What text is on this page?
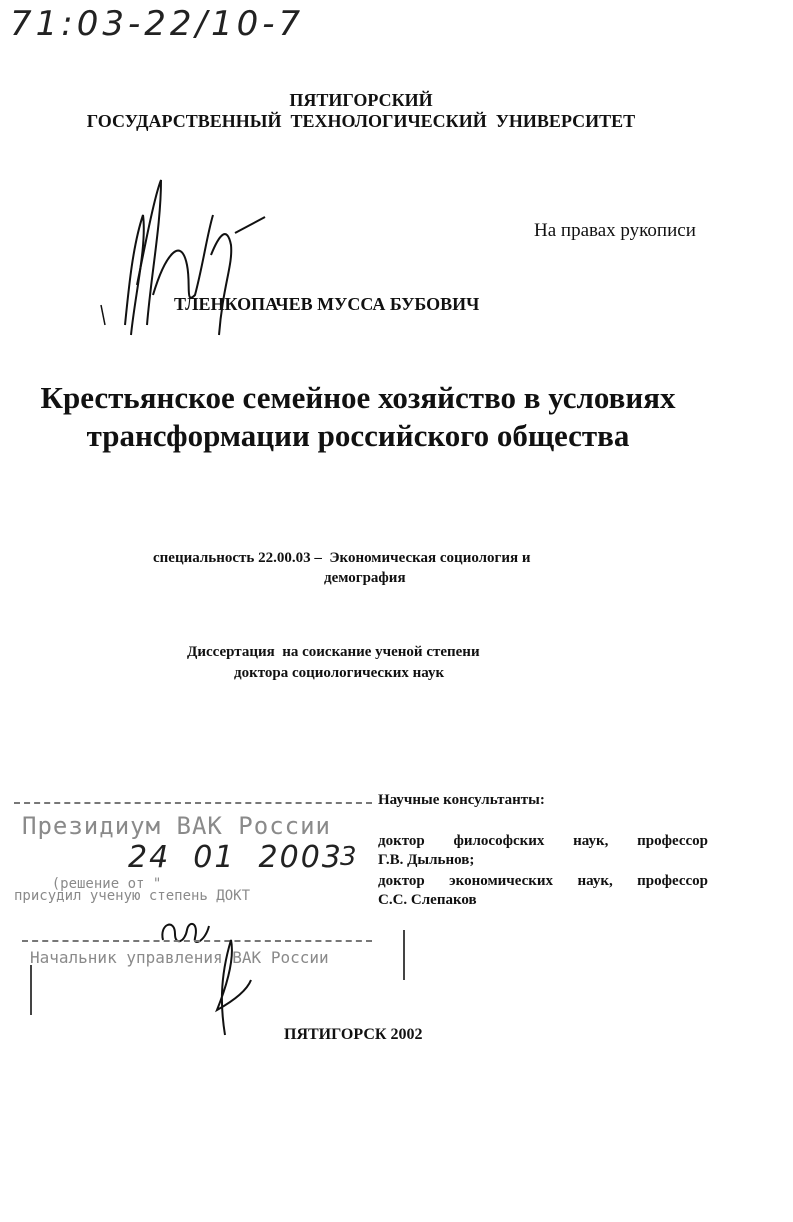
71:03-22/10-7
ПЯТИГОРСКИЙ
ГОСУДАРСТВЕННЫЙ  ТЕХНОЛОГИЧЕСКИЙ  УНИВЕРСИТЕТ
На правах рукописи
ТЛЕНКОПАЧЕВ МУССА БУБОВИЧ
Крестьянское семейное хозяйство в условиях
трансформации российского общества
специальность 22.00.03 –  Экономическая социология и
демография
Диссертация  на соискание ученой степени
доктора социологических наук
Научные консультанты:
доктор философских наук, профессор
Г.В. Дыльнов;
доктор экономических наук, профессор
С.С. Слепаков
Президиум ВАК России

(решение от "

24 01 2003
3
присудил ученую степень ДОКТ
Начальник управления ВАК России
ПЯТИГОРСК 2002
